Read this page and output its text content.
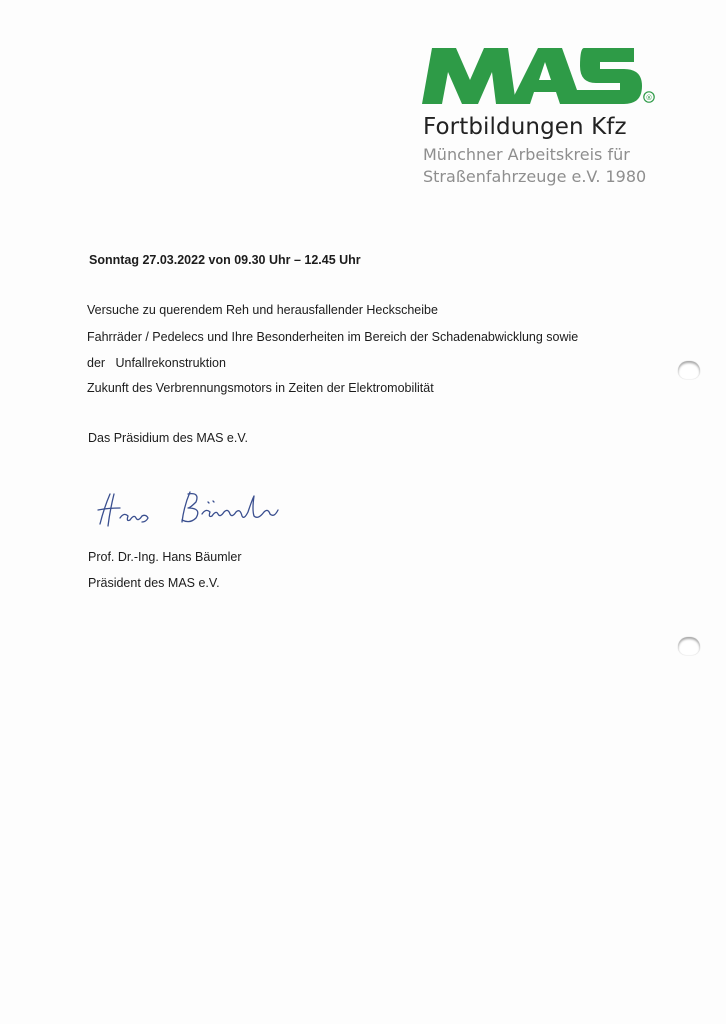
®
Fortbildungen Kfz
Münchner Arbeitskreis für
Straßenfahrzeuge e.V. 1980
Sonntag 27.03.2022 von 09.30 Uhr – 12.45 Uhr
Versuche zu querendem Reh und herausfallender Heckscheibe
Fahrräder / Pedelecs und Ihre Besonderheiten im Bereich der Schadenabwicklung sowie
der   Unfallrekonstruktion
Zukunft des Verbrennungsmotors in Zeiten der Elektromobilität
Das Präsidium des MAS e.V.
Prof. Dr.-Ing. Hans Bäumler
Präsident des MAS e.V.
